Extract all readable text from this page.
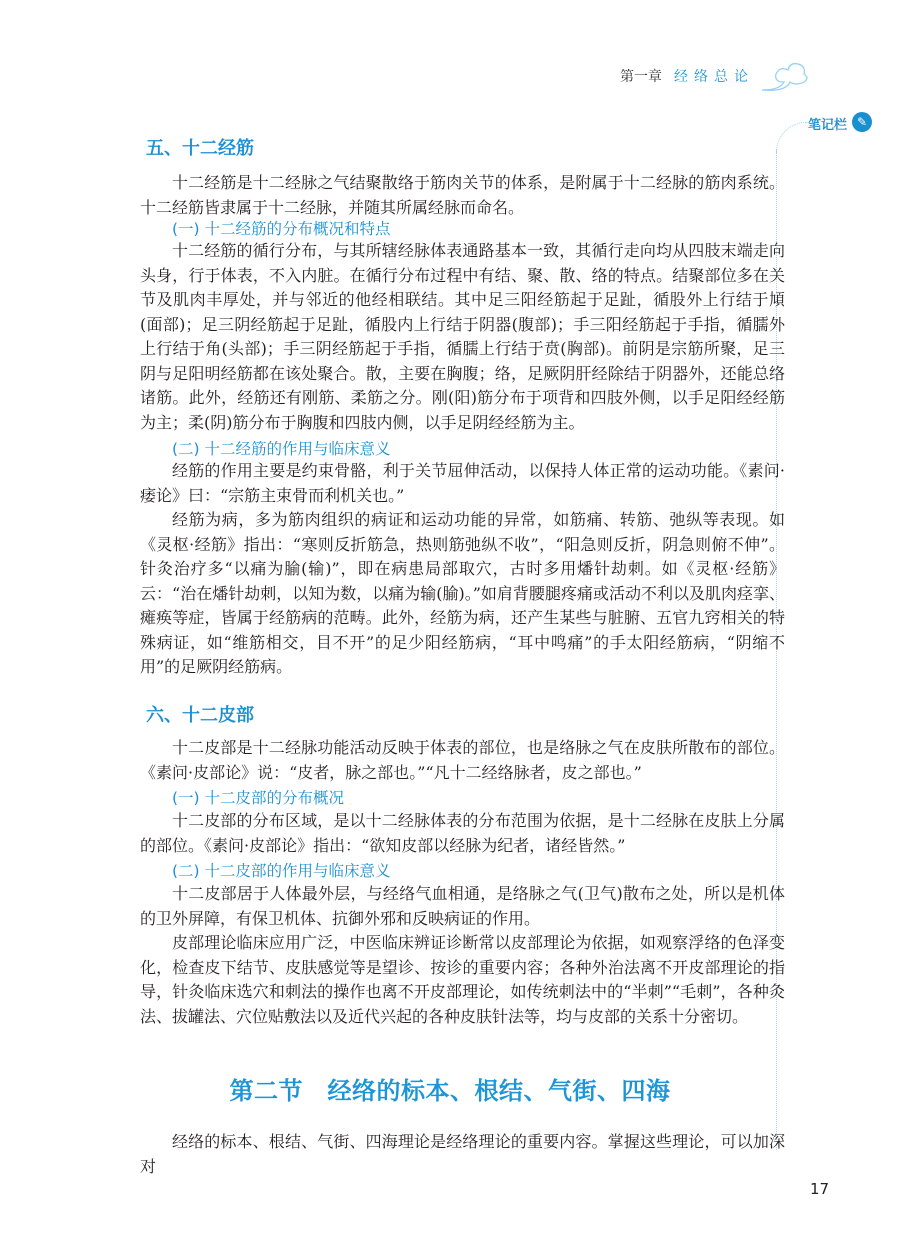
第一章 经络总论
笔记栏 ✎
五、十二经筋

十二经筋是十二经脉之气结聚散络于筋肉关节的体系，是附属于十二经脉的筋肉系统。十二经筋皆隶属于十二经脉，并随其所属经脉而命名。

(一) 十二经筋的分布概况和特点

十二经筋的循行分布，与其所辖经脉体表通路基本一致，其循行走向均从四肢末端走向头身，行于体表，不入内脏。在循行分布过程中有结、聚、散、络的特点。结聚部位多在关节及肌肉丰厚处，并与邻近的他经相联结。其中足三阳经筋起于足趾，循股外上行结于頄(面部)；足三阴经筋起于足趾，循股内上行结于阴器(腹部)；手三阳经筋起于手指，循臑外上行结于角(头部)；手三阴经筋起于手指，循臑上行结于贲(胸部)。前阴是宗筋所聚，足三阴与足阳明经筋都在该处聚合。散，主要在胸腹；络，足厥阴肝经除结于阴器外，还能总络诸筋。此外，经筋还有刚筋、柔筋之分。刚(阳)筋分布于项背和四肢外侧，以手足阳经经筋为主；柔(阴)筋分布于胸腹和四肢内侧，以手足阴经经筋为主。

(二) 十二经筋的作用与临床意义

经筋的作用主要是约束骨骼，利于关节屈伸活动，以保持人体正常的运动功能。《素问·痿论》曰：“宗筋主束骨而利机关也。”

经筋为病，多为筋肉组织的病证和运动功能的异常，如筋痛、转筋、弛纵等表现。如《灵枢·经筋》指出：“寒则反折筋急，热则筋弛纵不收”，“阳急则反折，阴急则俯不伸”。针灸治疗多“以痛为腧(输)”，即在病患局部取穴，古时多用燔针劫刺。如《灵枢·经筋》云：“治在燔针劫刺，以知为数，以痛为输(腧)。”如肩背腰腿疼痛或活动不利以及肌肉痉挛、瘫痪等症，皆属于经筋病的范畴。此外，经筋为病，还产生某些与脏腑、五官九窍相关的特殊病证，如“维筋相交，目不开”的足少阳经筋病，“耳中鸣痛”的手太阳经筋病，“阴缩不用”的足厥阴经筋病。

六、十二皮部

十二皮部是十二经脉功能活动反映于体表的部位，也是络脉之气在皮肤所散布的部位。《素问·皮部论》说：“皮者，脉之部也。”“凡十二经络脉者，皮之部也。”

(一) 十二皮部的分布概况

十二皮部的分布区域，是以十二经脉体表的分布范围为依据，是十二经脉在皮肤上分属的部位。《素问·皮部论》指出：“欲知皮部以经脉为纪者，诸经皆然。”

(二) 十二皮部的作用与临床意义

十二皮部居于人体最外层，与经络气血相通，是络脉之气(卫气)散布之处，所以是机体的卫外屏障，有保卫机体、抗御外邪和反映病证的作用。

皮部理论临床应用广泛，中医临床辨证诊断常以皮部理论为依据，如观察浮络的色泽变化，检查皮下结节、皮肤感觉等是望诊、按诊的重要内容；各种外治法离不开皮部理论的指导，针灸临床选穴和刺法的操作也离不开皮部理论，如传统刺法中的“半刺”“毛刺”，各种灸法、拔罐法、穴位贴敷法以及近代兴起的各种皮肤针法等，均与皮部的关系十分密切。

第二节　经络的标本、根结、气街、四海

经络的标本、根结、气街、四海理论是经络理论的重要内容。掌握这些理论，可以加深对

17
